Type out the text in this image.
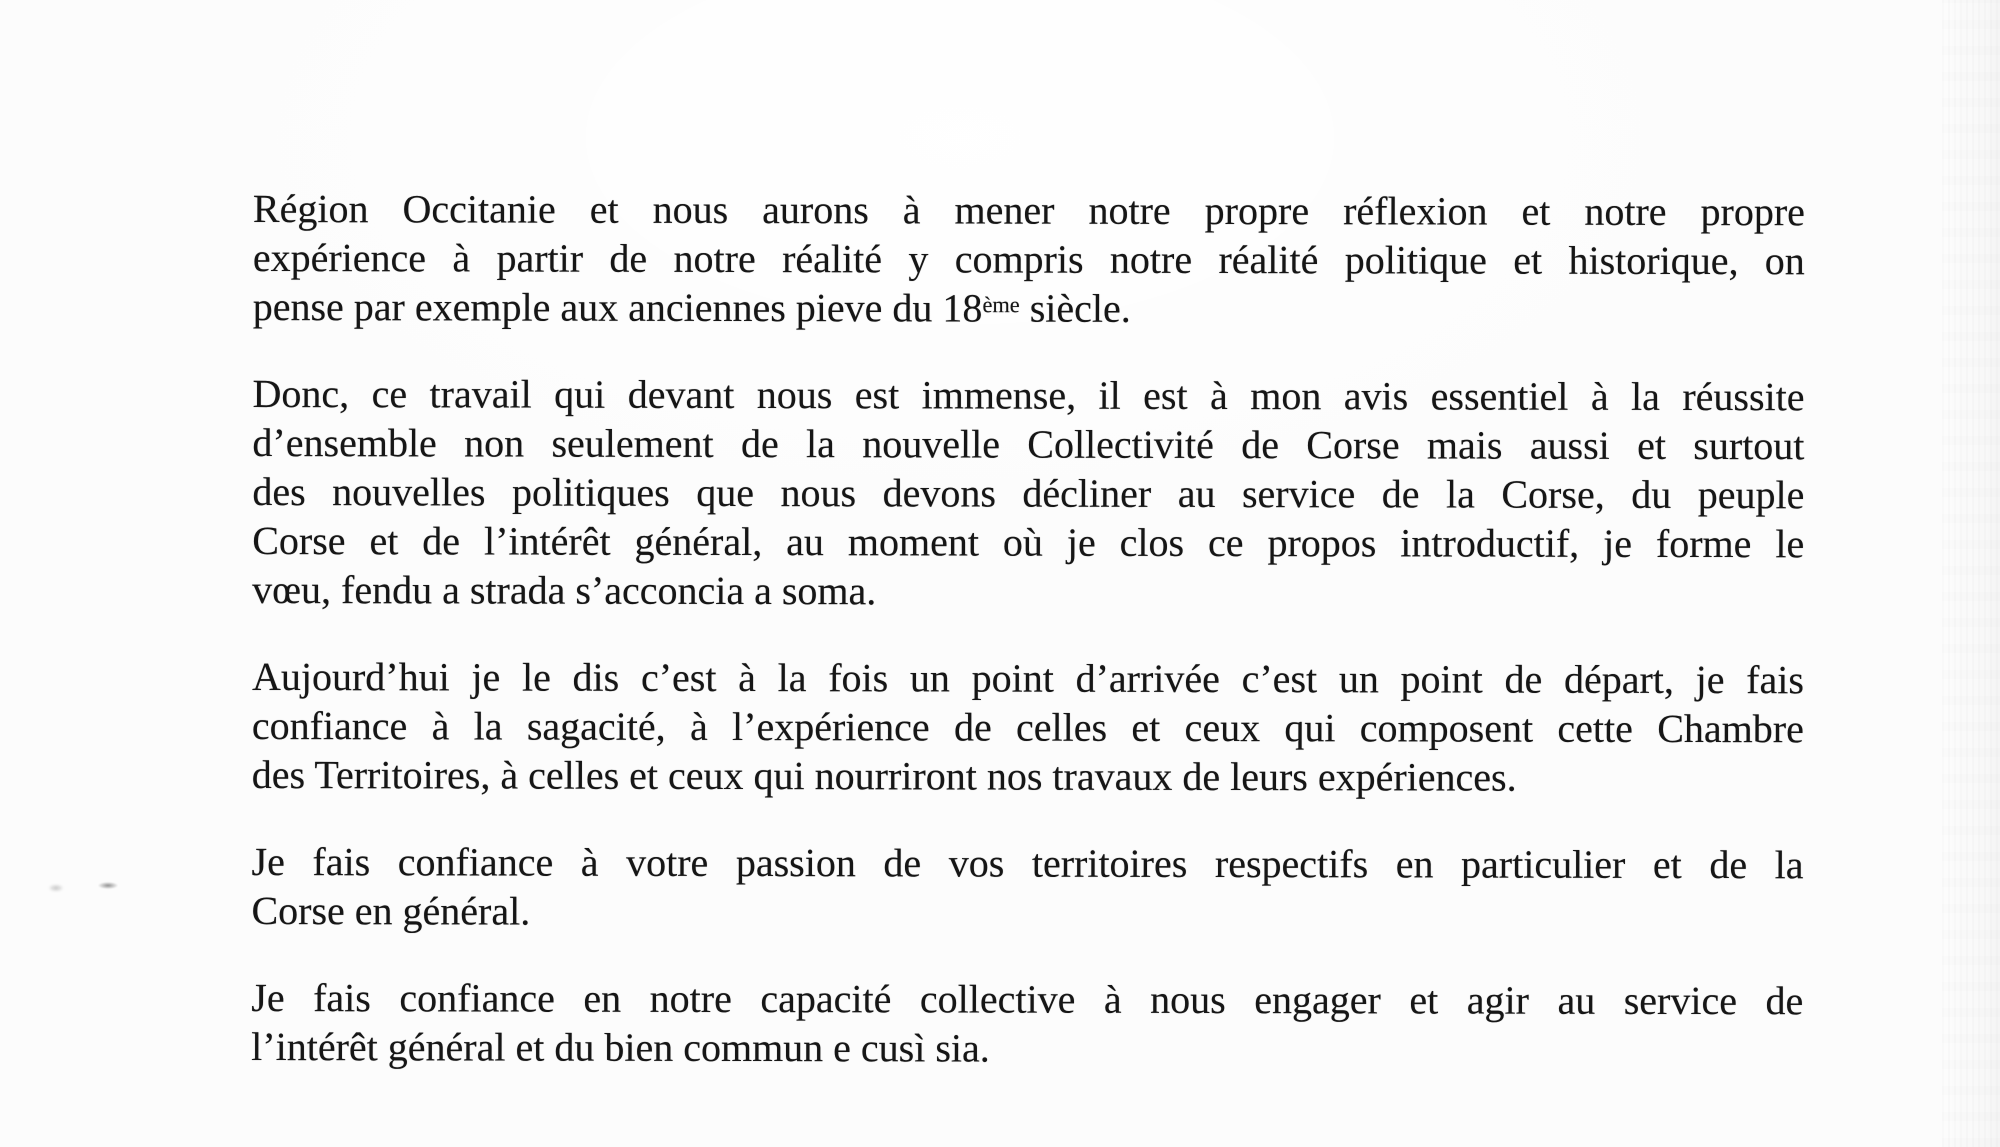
Région Occitanie et nous aurons à mener notre propre réflexion et notre propre
expérience à partir de notre réalité y compris notre réalité politique et historique, on
pense par exemple aux anciennes pieve du 18ème siècle.

Donc, ce travail qui devant nous est immense, il est à mon avis essentiel à la réussite
d’ensemble non seulement de la nouvelle Collectivité de Corse mais aussi et surtout
des nouvelles politiques que nous devons décliner au service de la Corse, du peuple
Corse et de l’intérêt général, au moment où je clos ce propos introductif, je forme le
vœu, fendu a strada s’acconcia a soma.

Aujourd’hui je le dis c’est à la fois un point d’arrivée c’est un point de départ, je fais
confiance à la sagacité, à l’expérience de celles et ceux qui composent cette Chambre
des Territoires, à celles et ceux qui nourriront nos travaux de leurs expériences.

Je fais confiance à votre passion de vos territoires respectifs en particulier et de la
Corse en général.

Je fais confiance en notre capacité collective à nous engager et agir au service de
l’intérêt général et du bien commun e cusì sia.
